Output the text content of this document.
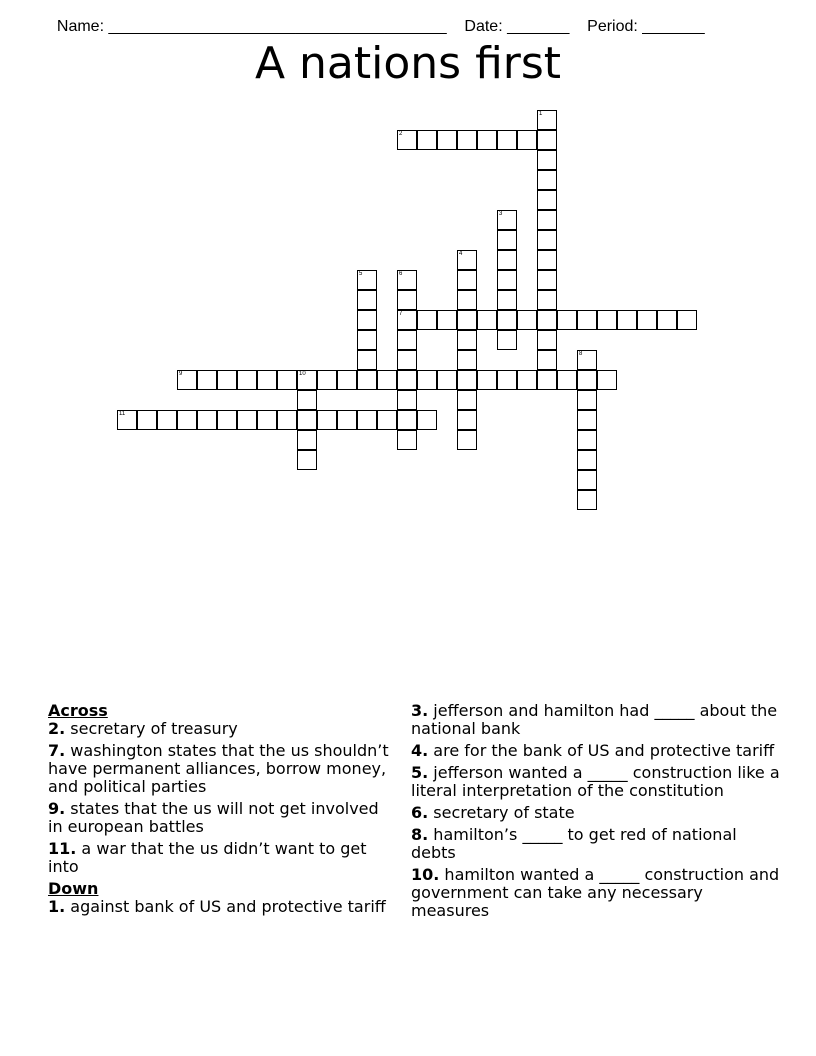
Name: ______________________________________ Date: _______ Period: _______

A nations first
1
2
3
4
5	6
7
8
9	10
11
Across
2. secretary of treasury
7. washington states that the us shouldn’t have permanent alliances, borrow money, and political parties
9. states that the us will not get involved in european battles
11. a war that the us didn’t want to get into
Down
1. against bank of US and protective tariff
3. jefferson and hamilton had _____ about the national bank
4. are for the bank of US and protective tariff
5. jefferson wanted a _____ construction like a literal interpretation of the constitution
6. secretary of state
8. hamilton’s _____ to get red of national debts
10. hamilton wanted a _____ construction and government can take any necessary measures
